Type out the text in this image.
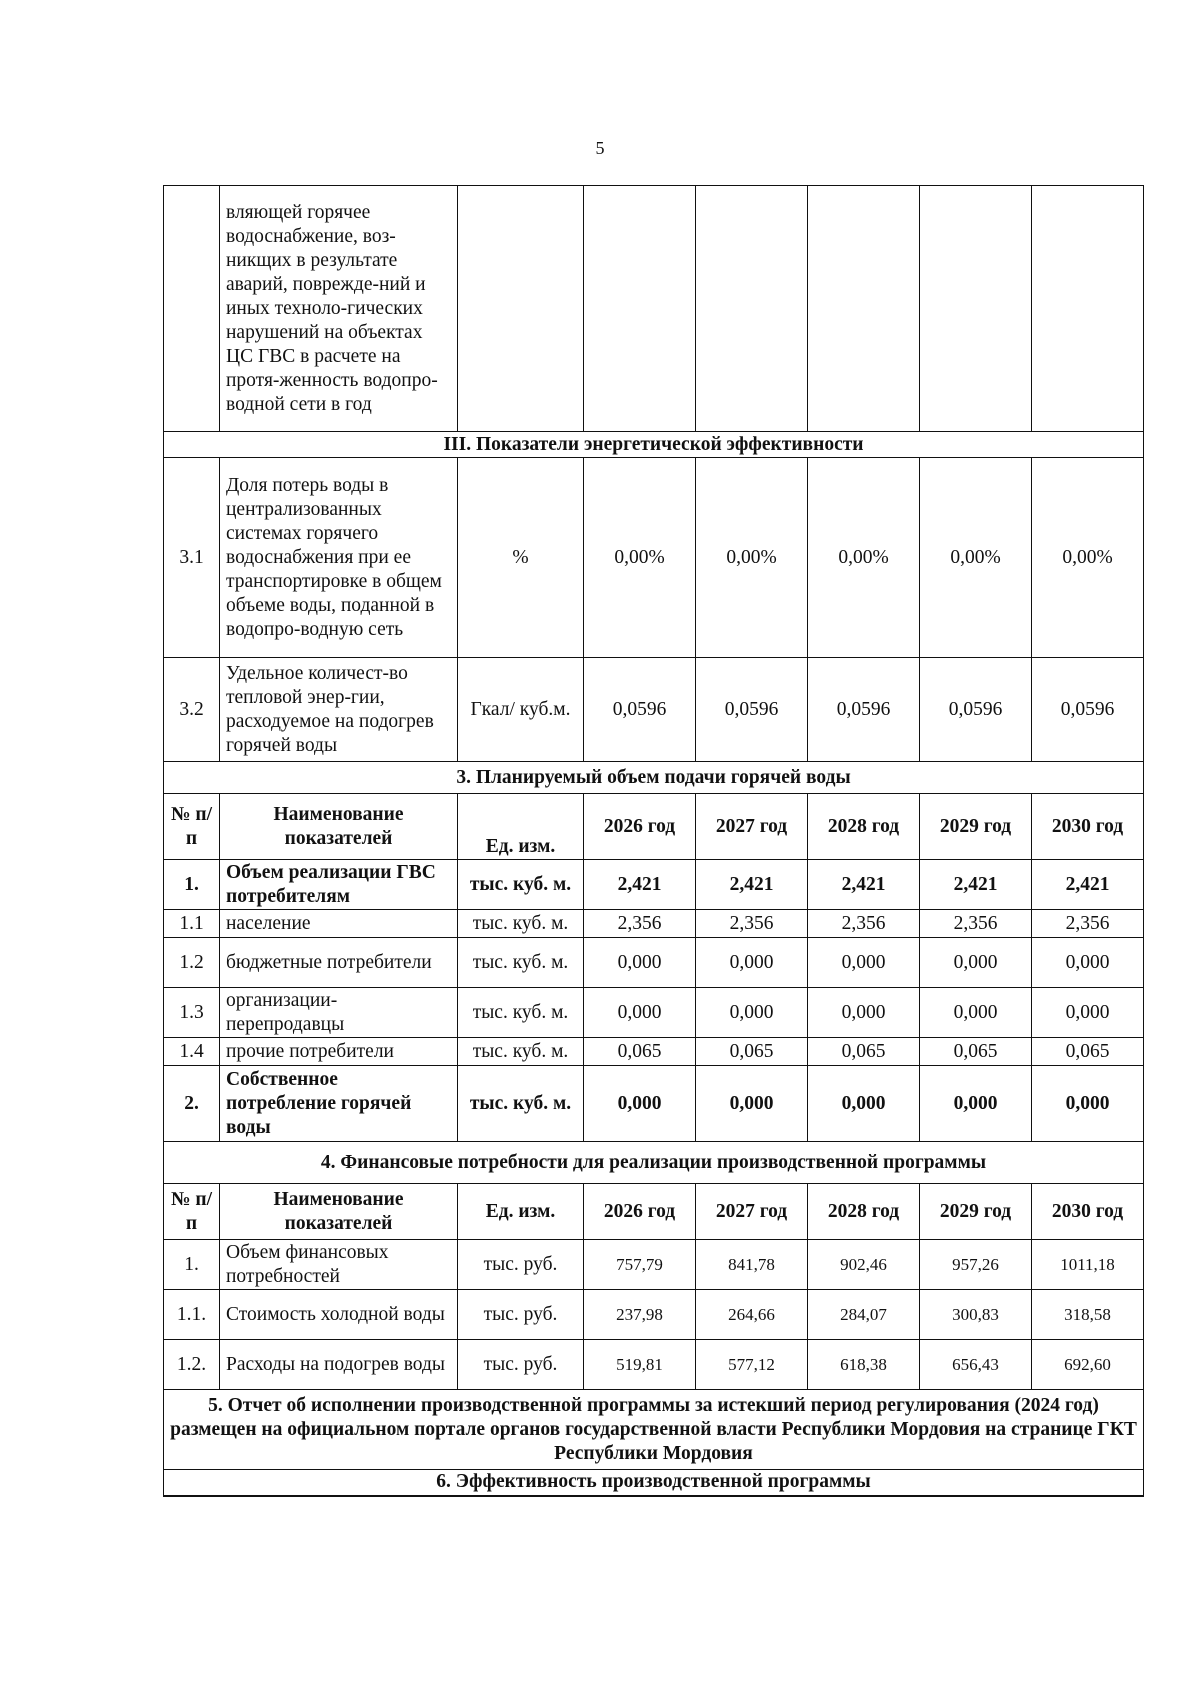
5
	вляющей горячее водоснабжение, воз-никщих в результате аварий, поврежде-ний и иных техноло-гических нарушений на объектах ЦС ГВС в расчете на протя-женность водопро-водной сети в год						
III. Показатели энергетической эффективности							
3.1	Доля потерь воды в централизованных системах горячего водоснабжения при ее транспортировке в общем объеме воды, поданной в водопро-водную сеть	%	0,00%	0,00%	0,00%	0,00%	0,00%
3.2	Удельное количест-во тепловой энер-гии, расходуемое на подогрев горячей воды	Гкал/ куб.м.	0,0596	0,0596	0,0596	0,0596	0,0596
3. Планируемый объем подачи горячей воды							
№ п/п	Наименование показателей	Ед. изм.	2026 год	2027 год	2028 год	2029 год	2030 год
1.	Объем реализации ГВС потребителям	тыс. куб. м.	2,421	2,421	2,421	2,421	2,421
1.1	население	тыс. куб. м.	2,356	2,356	2,356	2,356	2,356
1.2	бюджетные потребители	тыс. куб. м.	0,000	0,000	0,000	0,000	0,000
1.3	организации-перепродавцы	тыс. куб. м.	0,000	0,000	0,000	0,000	0,000
1.4	прочие потребители	тыс. куб. м.	0,065	0,065	0,065	0,065	0,065
2.	Собственное потребление горячей воды	тыс. куб. м.	0,000	0,000	0,000	0,000	0,000
4. Финансовые потребности для реализации производственной программы							
№ п/п	Наименование показателей	Ед. изм.	2026 год	2027 год	2028 год	2029 год	2030 год
1.	Объем финансовых потребностей	тыс. руб.	757,79	841,78	902,46	957,26	1011,18
1.1.	Стоимость холодной воды	тыс. руб.	237,98	264,66	284,07	300,83	318,58
1.2.	Расходы на подогрев воды	тыс. руб.	519,81	577,12	618,38	656,43	692,60
5. Отчет об исполнении производственной программы за истекший период регулирования (2024 год) размещен на официальном портале органов государственной власти Республики Мордовия на странице ГКТ Республики Мордовия							
6. Эффективность производственной программы							
